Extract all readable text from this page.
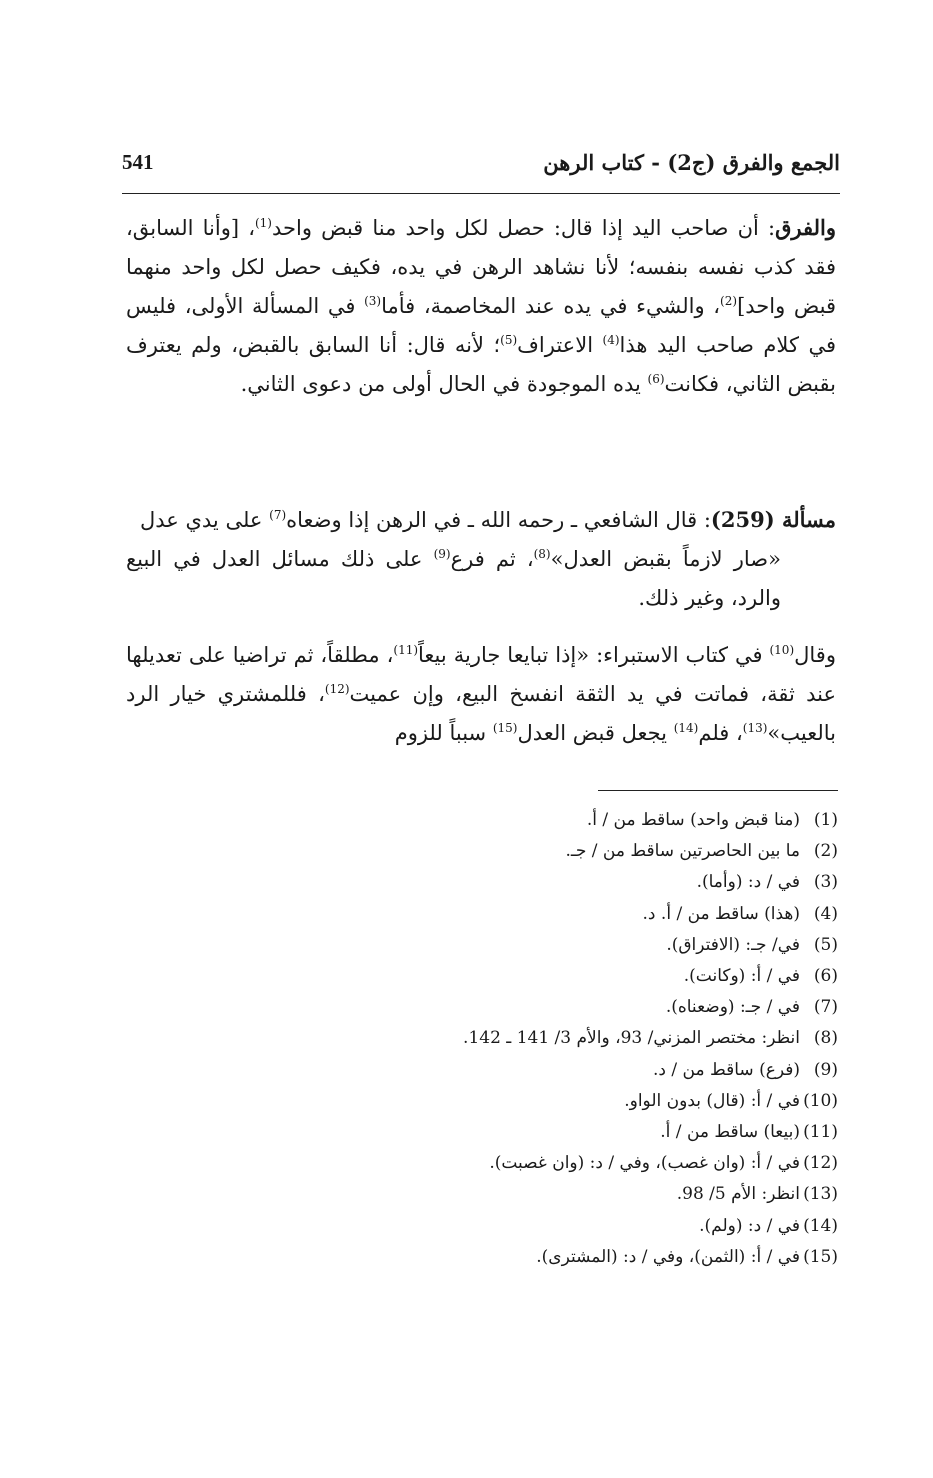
الجمع والفرق (ج2) - كتاب الرهن
541
والفرق: أن صاحب اليد إذا قال: حصل لكل واحد منا قبض واحد$^{(1)}$، [وأنا السابق، فقد كذب نفسه بنفسه؛ لأنا نشاهد الرهن في يده، فكيف حصل لكل واحد منهما قبض واحد]$^{(2)}$، والشيء في يده عند المخاصمة، فأما$^{(3)}$ في المسألة الأولى، فليس في كلام صاحب اليد هذا$^{(4)}$ الاعتراف$^{(5)}$؛ لأنه قال: أنا السابق بالقبض، ولم يعترف بقبض الثاني، فكانت$^{(6)}$ يده الموجودة في الحال أولى من دعوى الثاني.
مسألة (259): قال الشافعي ـ رحمه الله ـ في الرهن إذا وضعاه$^{(7)}$ على يدي عدل
«صار لازماً بقبض العدل»$^{(8)}$، ثم فرع$^{(9)}$ على ذلك مسائل العدل في البيع والرد، وغير ذلك.
وقال$^{(10)}$ في كتاب الاستبراء: «إذا تبايعا جارية بيعاً$^{(11)}$، مطلقاً، ثم تراضيا على تعديلها عند ثقة، فماتت في يد الثقة انفسخ البيع، وإن عميت$^{(12)}$، فللمشتري خيار الرد بالعيب»$^{(13)}$، فلم$^{(14)}$ يجعل قبض العدل$^{(15)}$ سبباً للزوم
(1)(منا قبض واحد) ساقط من / أ.
(2)ما بين الحاصرتين ساقط من / جـ.
(3)في / د: (وأما).
(4)(هذا) ساقط من / أ. د.
(5)في/ جـ: (الافتراق).
(6)في / أ: (وكانت).
(7)في / جـ: (وضعناه).
(8)انظر: مختصر المزني/ 93، والأم 3/ 141 ـ 142.
(9)(فرع) ساقط من / د.
(10)في / أ: (قال) بدون الواو.
(11)(بيعا) ساقط من / أ.
(12)في / أ: (وان غصب)، وفي / د: (وان غصبت).
(13)انظر: الأم 5/ 98.
(14)في / د: (ولم).
(15)في / أ: (الثمن)، وفي / د: (المشترى).
